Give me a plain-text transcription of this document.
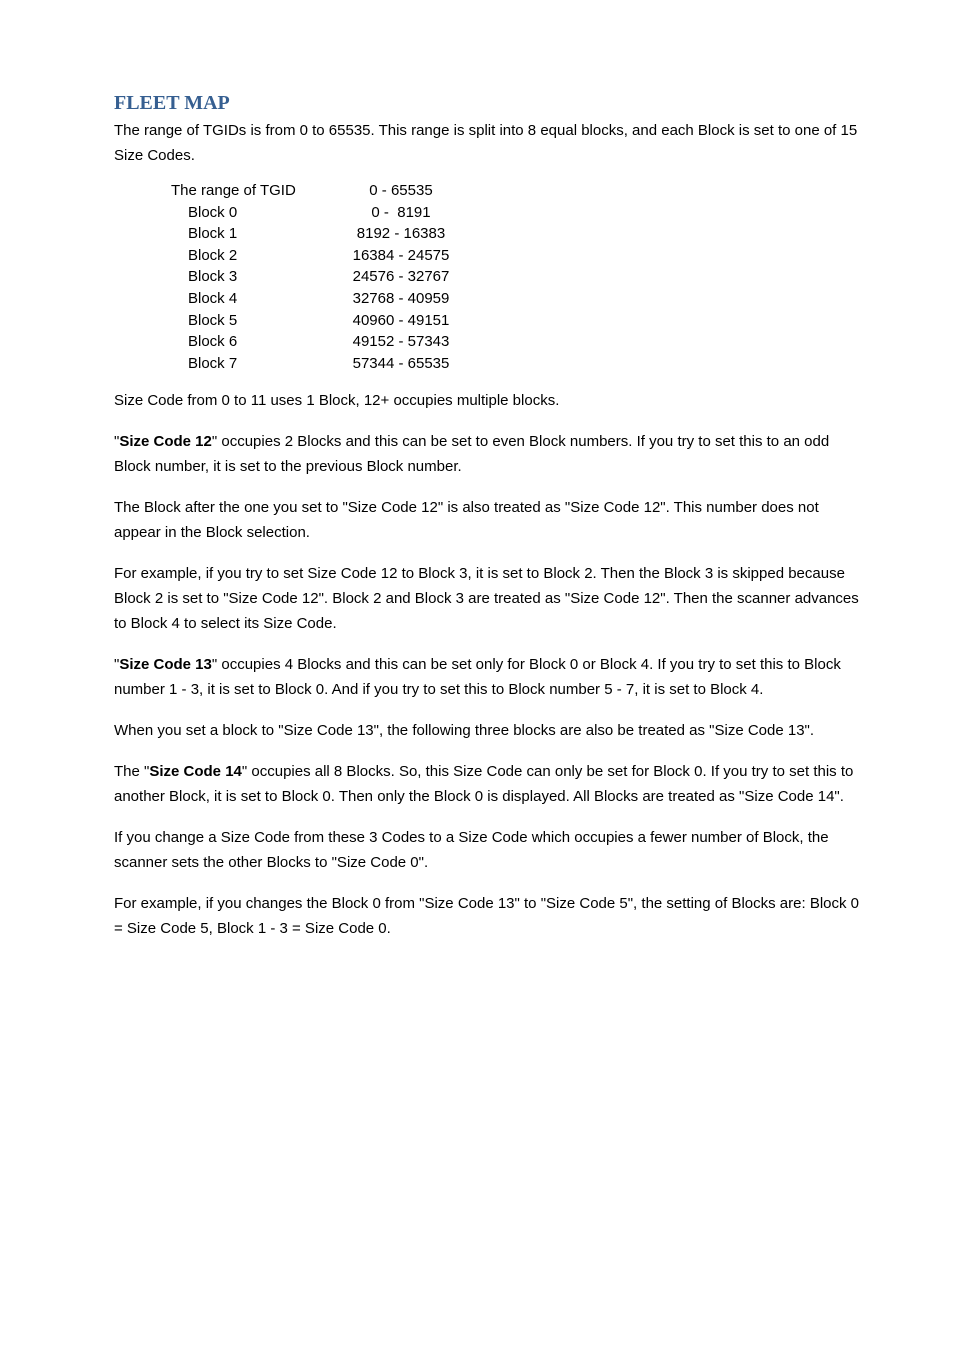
FLEET MAP

The range of TGIDs is from 0 to 65535. This range is split into 8 equal blocks, and each Block is set to one of 15 Size Codes.

The range of TGID	0 - 65535
Block 0	0 -  8191
Block 1	8192 - 16383
Block 2	16384 - 24575
Block 3	24576 - 32767
Block 4	32768 - 40959
Block 5	40960 - 49151
Block 6	49152 - 57343
Block 7	57344 - 65535

Size Code from 0 to 11 uses 1 Block, 12+ occupies multiple blocks.

"Size Code 12" occupies 2 Blocks and this can be set to even Block numbers. If you try to set this to an odd Block number, it is set to the previous Block number.

The Block after the one you set to "Size Code 12" is also treated as "Size Code 12". This number does not appear in the Block selection.

For example, if you try to set Size Code 12 to Block 3, it is set to Block 2. Then the Block 3 is skipped because Block 2 is set to "Size Code 12". Block 2 and Block 3 are treated as "Size Code 12". Then the scanner advances to Block 4 to select its Size Code.

"Size Code 13" occupies 4 Blocks and this can be set only for Block 0 or Block 4. If you try to set this to Block number 1 - 3, it is set to Block 0. And if you try to set this to Block number 5 - 7, it is set to Block 4.

When you set a block to "Size Code 13", the following three blocks are also be treated as "Size Code 13".

The "Size Code 14" occupies all 8 Blocks. So, this Size Code can only be set for Block 0. If you try to set this to another Block, it is set to Block 0. Then only the Block 0 is displayed. All Blocks are treated as "Size Code 14".

If you change a Size Code from these 3 Codes to a Size Code which occupies a fewer number of Block, the scanner sets the other Blocks to "Size Code 0".

For example, if you changes the Block 0 from "Size Code 13" to "Size Code 5", the setting of Blocks are: Block 0 = Size Code 5, Block 1 - 3 = Size Code 0.
